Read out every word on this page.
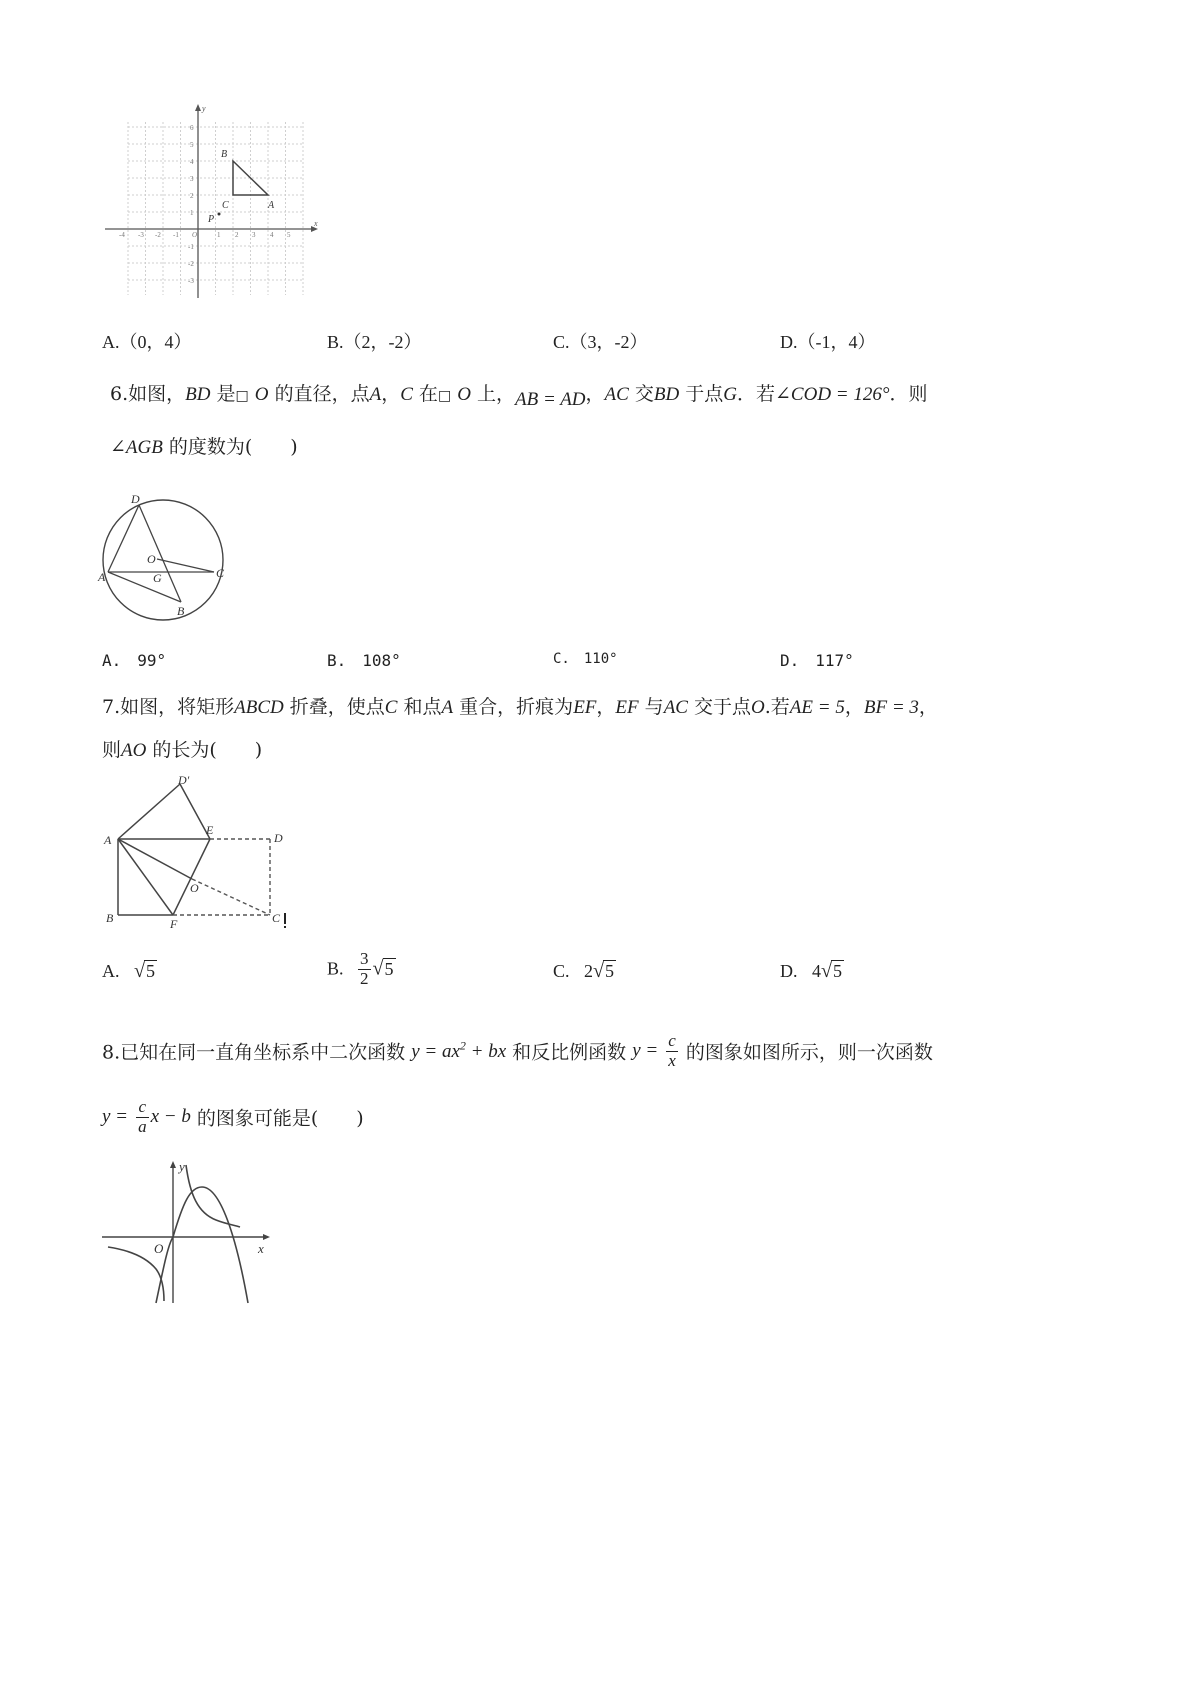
x
y
-4 -3 -2 -1 O	1 2 3 4 5
6
5
4
3
2
1
-1
-2
-3
B
C	A
P
A.（0，4）	B.（2，-2）	C.（3，-2）	D.（-1，4）
6.如图，BD 是□ O 的直径，点A，C 在□ O 上，AB = AD，AC 交BD 于点G．若∠COD = 126°．则
∠AGB 的度数为(　　)
D
O
A	G	C
B
A.　99°	B.　108°	C.　110°	D.　117°
7.如图，将矩形ABCD 折叠，使点C 和点A 重合，折痕为EF，EF 与AC 交于点O.若AE = 5，BF = 3，
则AO 的长为(　　)
D′
A
E
D
O
B	F	C
A. √5	B. $\frac{3}{2} √5$	C. 2√5	D. 4√5
8.已知在同一直角坐标系中二次函数 $y = ax^2$ + bx 和反比例函数 $y = \frac{c}{x}$ 的图象如图所示，则一次函数
$y = \frac{c}{a}$ x − b 的图象可能是(　　)
y
O	x
